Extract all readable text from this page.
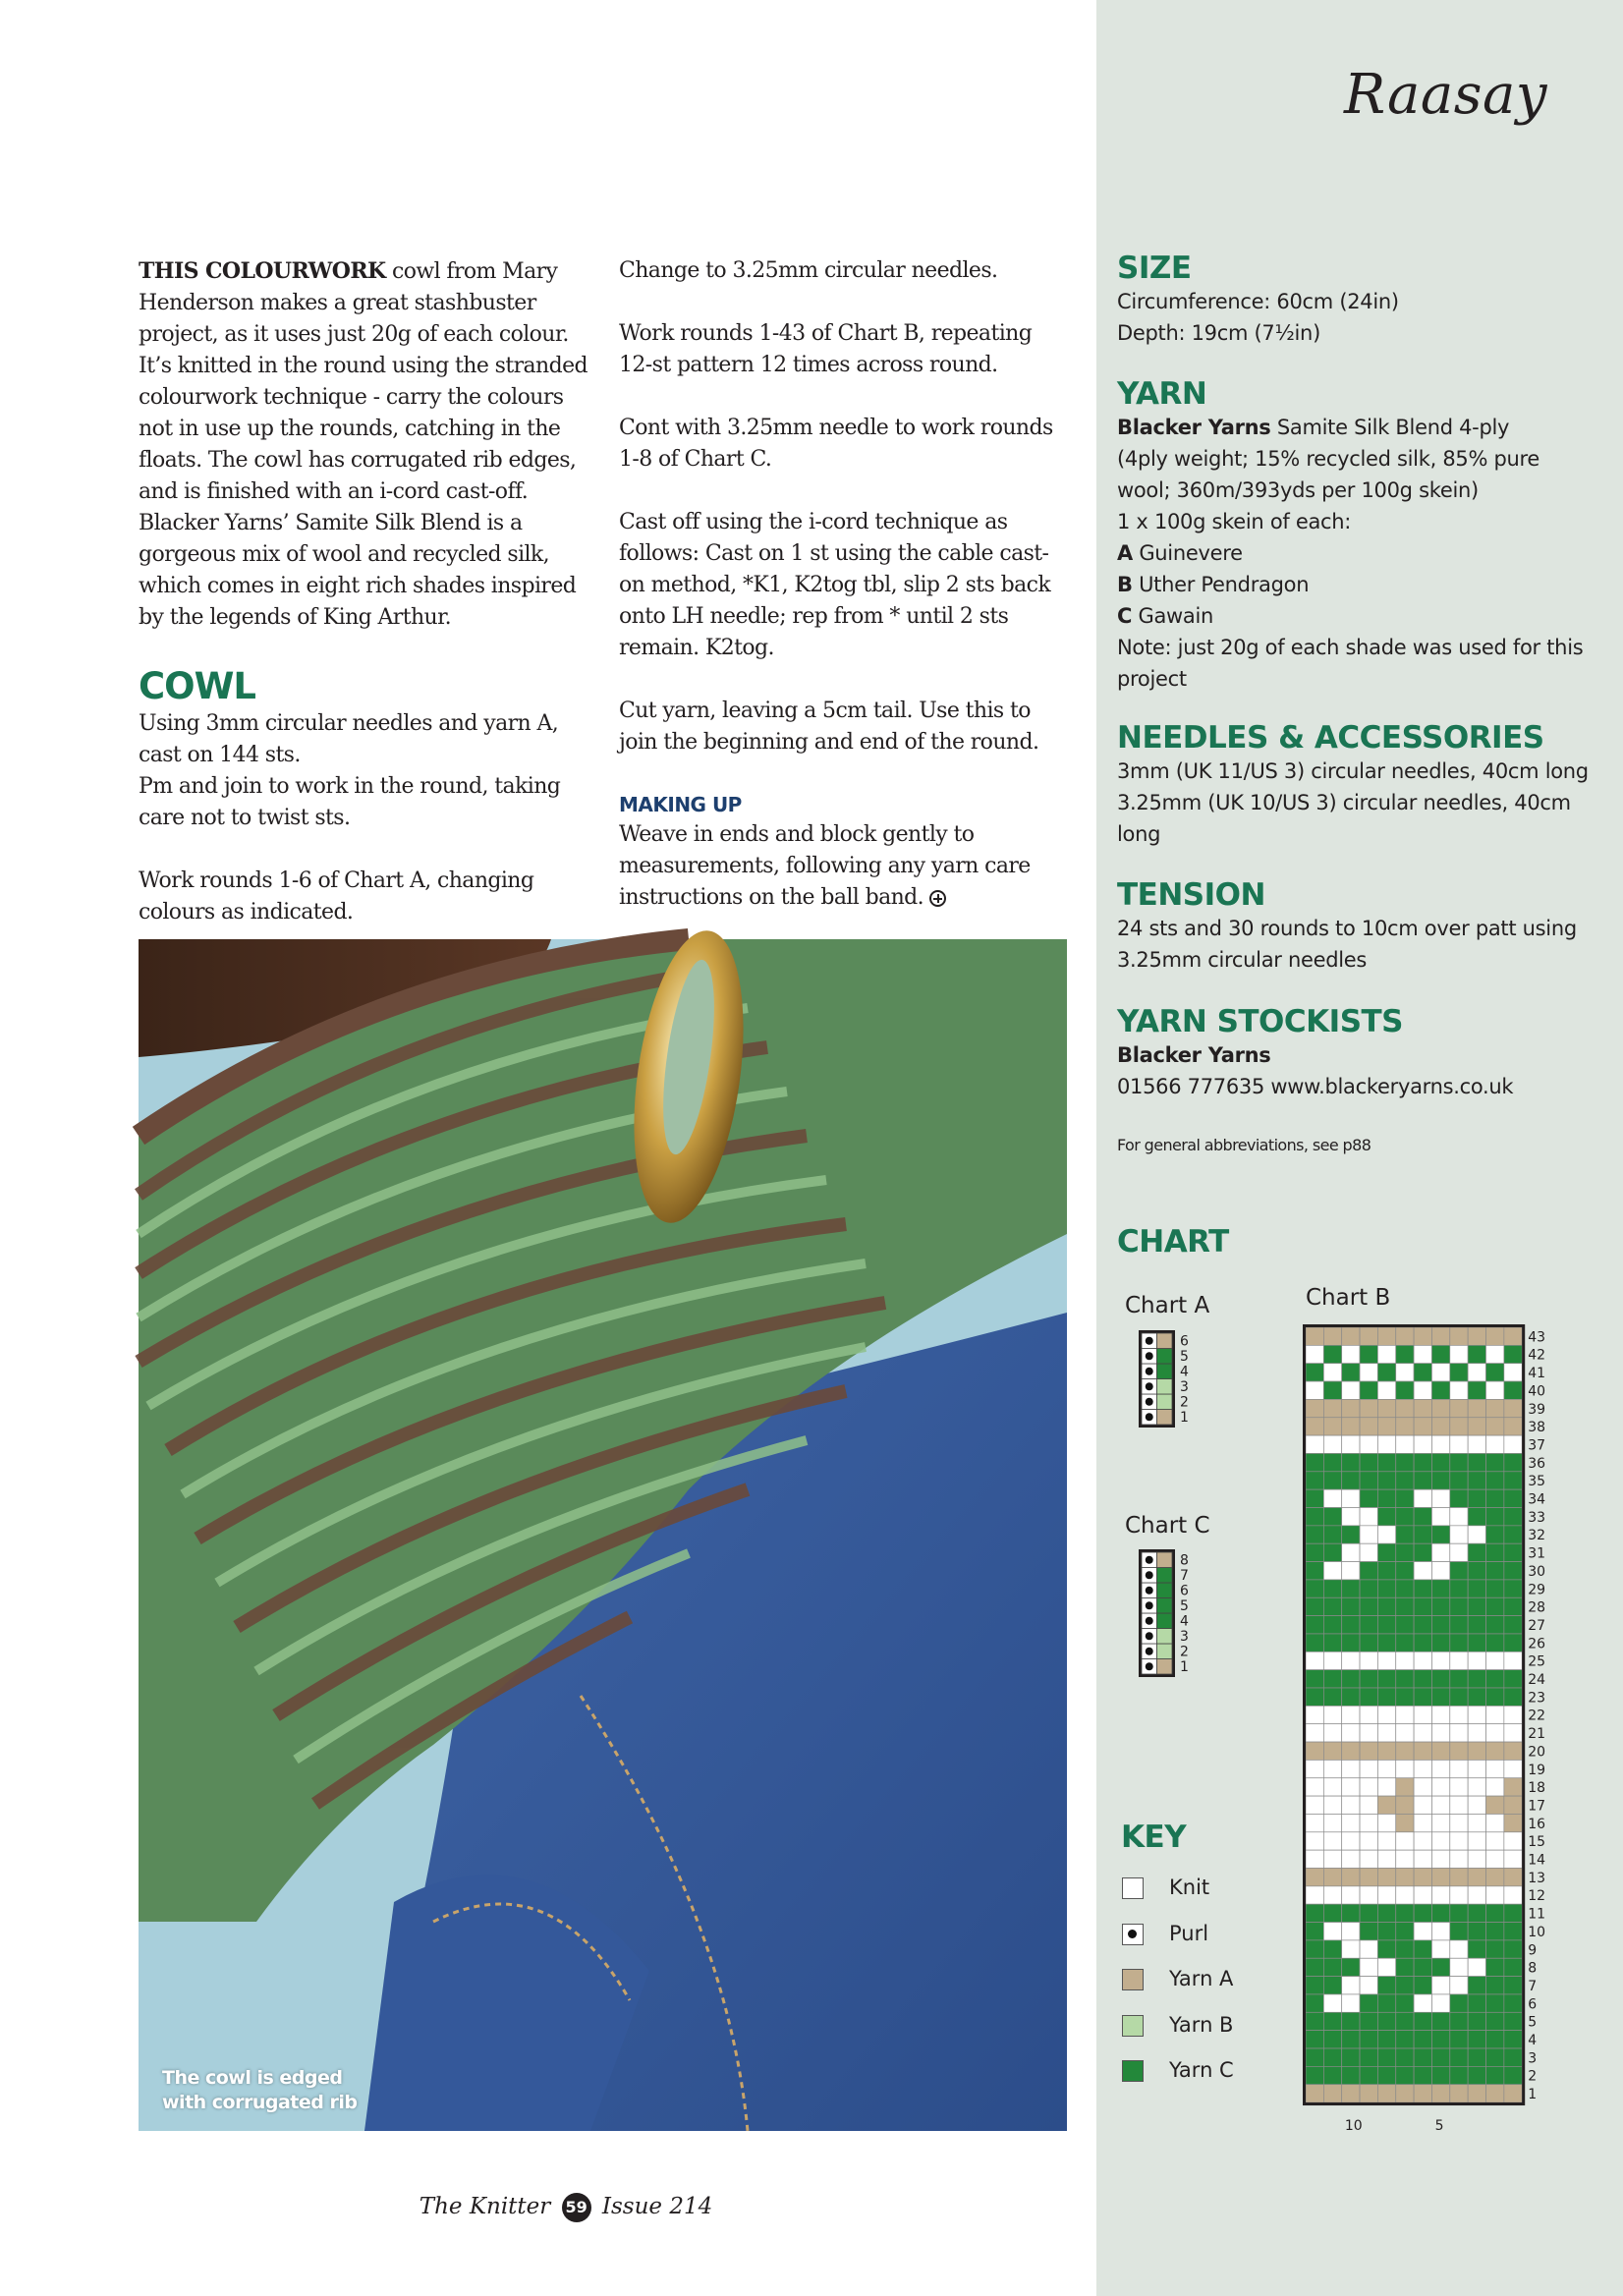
Raasay

THIS COLOURWORK cowl from Mary Henderson makes a great stashbuster project, as it uses just 20g of each colour. It’s knitted in the round using the stranded colourwork technique - carry the colours not in use up the rounds, catching in the floats. The cowl has corrugated rib edges, and is finished with an i-cord cast-off. Blacker Yarns’ Samite Silk Blend is a gorgeous mix of wool and recycled silk, which comes in eight rich shades inspired by the legends of King Arthur.

COWL

Using 3mm circular needles and yarn A, cast on 144 sts.
Pm and join to work in the round, taking care not to twist sts.

Work rounds 1-6 of Chart A, changing colours as indicated.

Change to 3.25mm circular needles.

Work rounds 1-43 of Chart B, repeating 12-st pattern 12 times across round.

Cont with 3.25mm needle to work rounds 1-8 of Chart C.

Cast off using the i-cord technique as follows: Cast on 1 st using the cable cast-on method, *K1, K2tog tbl, slip 2 sts back onto LH needle; rep from * until 2 sts remain. K2tog.

Cut yarn, leaving a 5cm tail. Use this to join the beginning and end of the round.

MAKING UP

Weave in ends and block gently to measurements, following any yarn care instructions on the ball band.

The cowl is edged with corrugated rib
SIZE
Circumference: 60cm (24in)
Depth: 19cm (7½in)
YARN
Blacker Yarns Samite Silk Blend 4-ply
(4ply weight; 15% recycled silk, 85% pure wool; 360m/393yds per 100g skein)
1 x 100g skein of each:
A Guinevere
B Uther Pendragon
C Gawain
Note: just 20g of each shade was used for this project
NEEDLES & ACCESSORIES
3mm (UK 11/US 3) circular needles, 40cm long
3.25mm (UK 10/US 3) circular needles, 40cm long
TENSION
24 sts and 30 rounds to 10cm over patt using 3.25mm circular needles
YARN STOCKISTS
Blacker Yarns
01566 777635 www.blackeryarns.co.uk
For general abbreviations, see p88
CHART
Chart A	Chart B
Chart C
1
2
3
4
5
6
1
2
3
4
5
6
7
8
43
42
41
40
39
38
37
36
35
34
33
32
31
30
29
28
27
26
25
24
23
22
21
20
19
18
17
16
15
14
13
12
11
10
9
8
7
6
5
4
3
2
1
10	5
KEY
Knit
Purl
Yarn A
Yarn B
Yarn C
The Knitter 59 Issue 214
